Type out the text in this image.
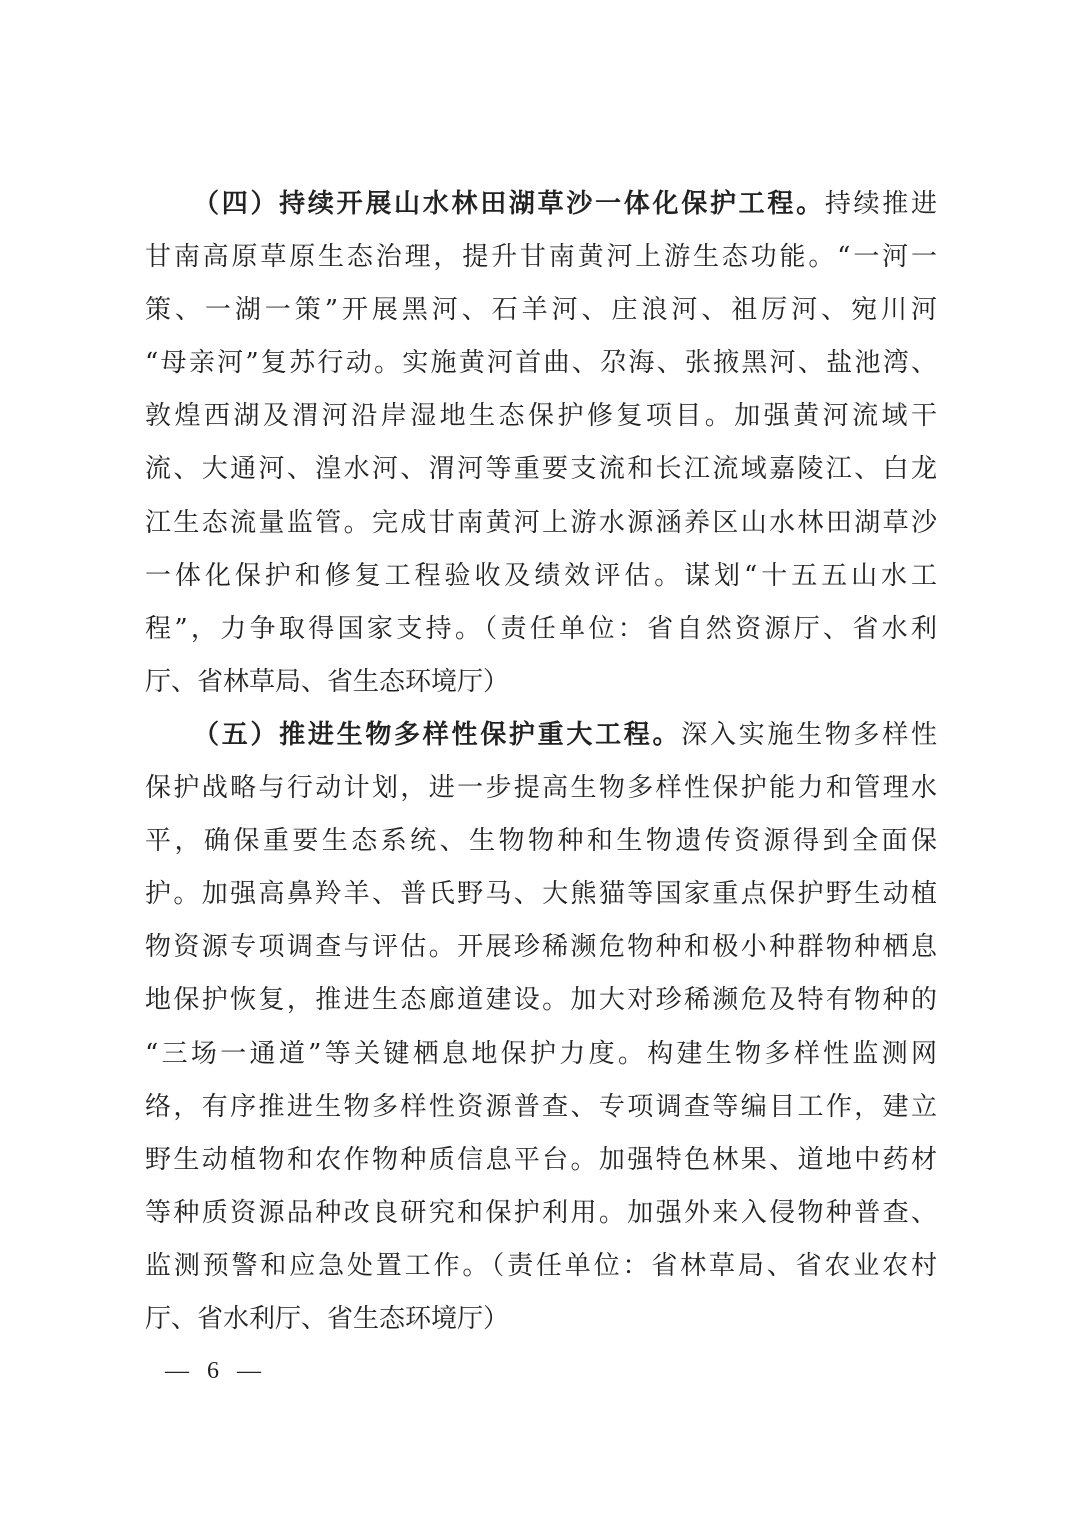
（四）持续开展山水林田湖草沙一体化保护工程。持续推进
甘南高原草原生态治理，提升甘南黄河上游生态功能。“一河一
策、一湖一策”开展黑河、石羊河、庄浪河、祖厉河、宛川河
“母亲河”复苏行动。实施黄河首曲、尕海、张掖黑河、盐池湾、
敦煌西湖及渭河沿岸湿地生态保护修复项目。加强黄河流域干
流、大通河、湟水河、渭河等重要支流和长江流域嘉陵江、白龙
江生态流量监管。完成甘南黄河上游水源涵养区山水林田湖草沙
一体化保护和修复工程验收及绩效评估。谋划“十五五山水工
程”，力争取得国家支持。（责任单位：省自然资源厅、省水利
厅、省林草局、省生态环境厅）
（五）推进生物多样性保护重大工程。深入实施生物多样性
保护战略与行动计划，进一步提高生物多样性保护能力和管理水
平，确保重要生态系统、生物物种和生物遗传资源得到全面保
护。加强高鼻羚羊、普氏野马、大熊猫等国家重点保护野生动植
物资源专项调查与评估。开展珍稀濒危物种和极小种群物种栖息
地保护恢复，推进生态廊道建设。加大对珍稀濒危及特有物种的
“三场一通道”等关键栖息地保护力度。构建生物多样性监测网
络，有序推进生物多样性资源普查、专项调查等编目工作，建立
野生动植物和农作物种质信息平台。加强特色林果、道地中药材
等种质资源品种改良研究和保护利用。加强外来入侵物种普查、
监测预警和应急处置工作。（责任单位：省林草局、省农业农村
厅、省水利厅、省生态环境厅）
— 6 —
